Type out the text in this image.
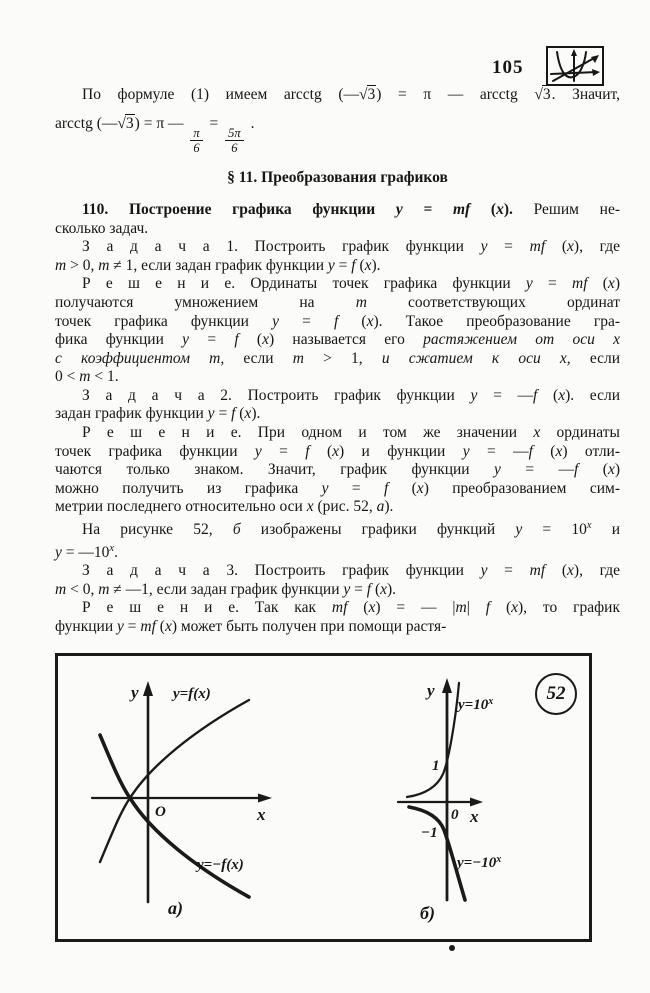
105
По формуле (1) имеем arcctg (—√3) = π — arcctg √3. Значит,
arcctg (—√3) = π —
$\frac{\pi}{6}$
=
$\frac{5\pi}{6}$
.
§ 11. Преобразования графиков
110. Построение графика функции y = mf (x). Решим не-
сколько задач.
З а д а ч а 1. Построить график функции y = mf (x), где
m > 0, m ≠ 1, если задан график функции y = f (x).
Р е ш е н и е. Ординаты точек графика функции y = mf (x)
получаются умножением на m соответствующих ординат
точек графика функции y = f (x). Такое преобразование гра-
фика функции y = f (x) называется его растяжением от оси x
с коэффициентом m, если m > 1, и сжатием к оси x, если
0 < m < 1.
З а д а ч а 2. Построить график функции y = —f (x). если
задан график функции y = f (x).
Р е ш е н и е. При одном и том же значении x ординаты
точек графика функции y = f (x) и функции y = —f (x) отли-
чаются только знаком. Значит, график функции y = —f (x)
можно получить из графика y = f (x) преобразованием сим-
метрии последнего относительно оси x (рис. 52, а).
На рисунке 52, б изображены графики функций $y = 10^x$ и
$y = —10^x$.
З а д а ч а 3. Построить график функции y = mf (x), где
m < 0, m ≠ —1, если задан график функции y = f (x).
Р е ш е н и е. Так как mf (x) = — |m| f (x), то график
функции y = mf (x) может быть получен при помощи растя-
y y=f(x)
O	x
y=−f(x)
а)
y
$y=10^x$
1
0 x
−1
$y=-10^x$
б)
52
